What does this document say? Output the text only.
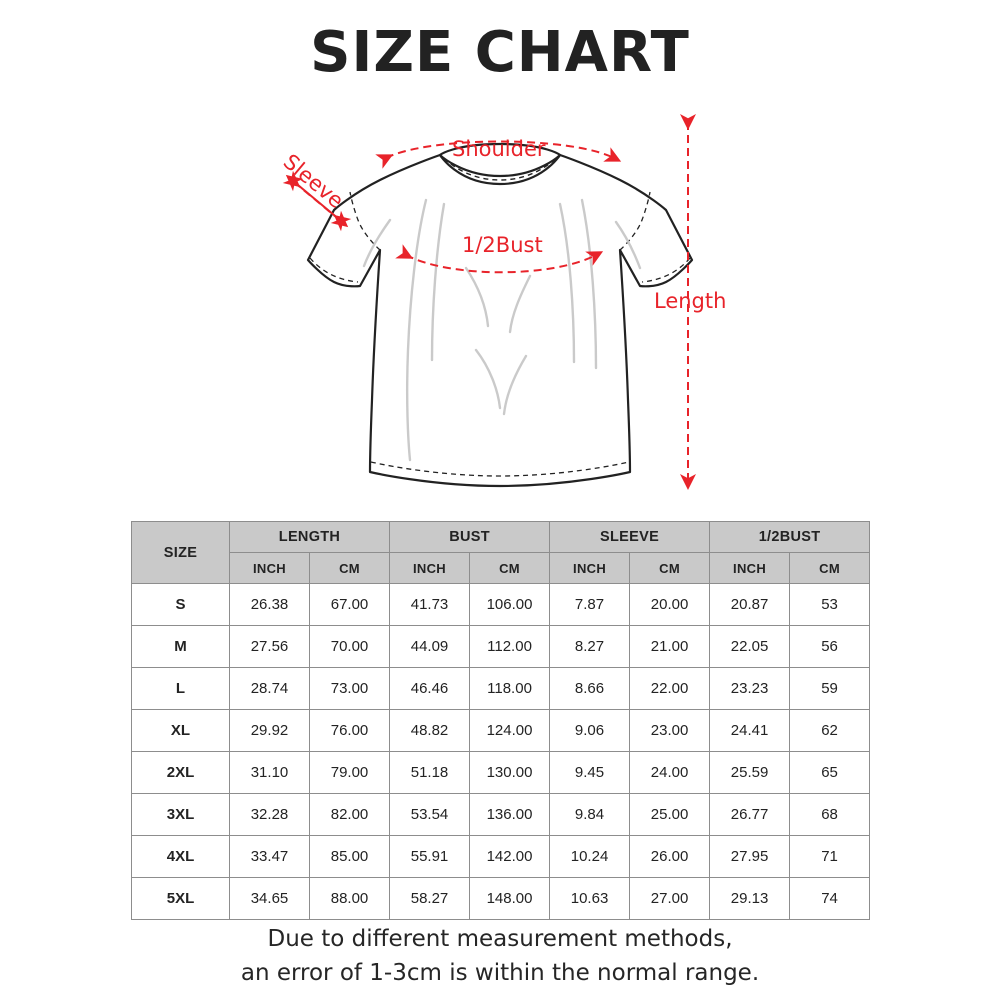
SIZE CHART
Sleeve
Shoulder
1/2Bust
Length
SIZE	LENGTH		BUST		SLEEVE		1/2BUST	
	INCH	CM	INCH	CM	INCH	CM	INCH	CM
S	26.38	67.00	41.73	106.00	7.87	20.00	20.87	53
M	27.56	70.00	44.09	112.00	8.27	21.00	22.05	56
L	28.74	73.00	46.46	118.00	8.66	22.00	23.23	59
XL	29.92	76.00	48.82	124.00	9.06	23.00	24.41	62
2XL	31.10	79.00	51.18	130.00	9.45	24.00	25.59	65
3XL	32.28	82.00	53.54	136.00	9.84	25.00	26.77	68
4XL	33.47	85.00	55.91	142.00	10.24	26.00	27.95	71
5XL	34.65	88.00	58.27	148.00	10.63	27.00	29.13	74
Due to different measurement methods,
an error of 1-3cm is within the normal range.
